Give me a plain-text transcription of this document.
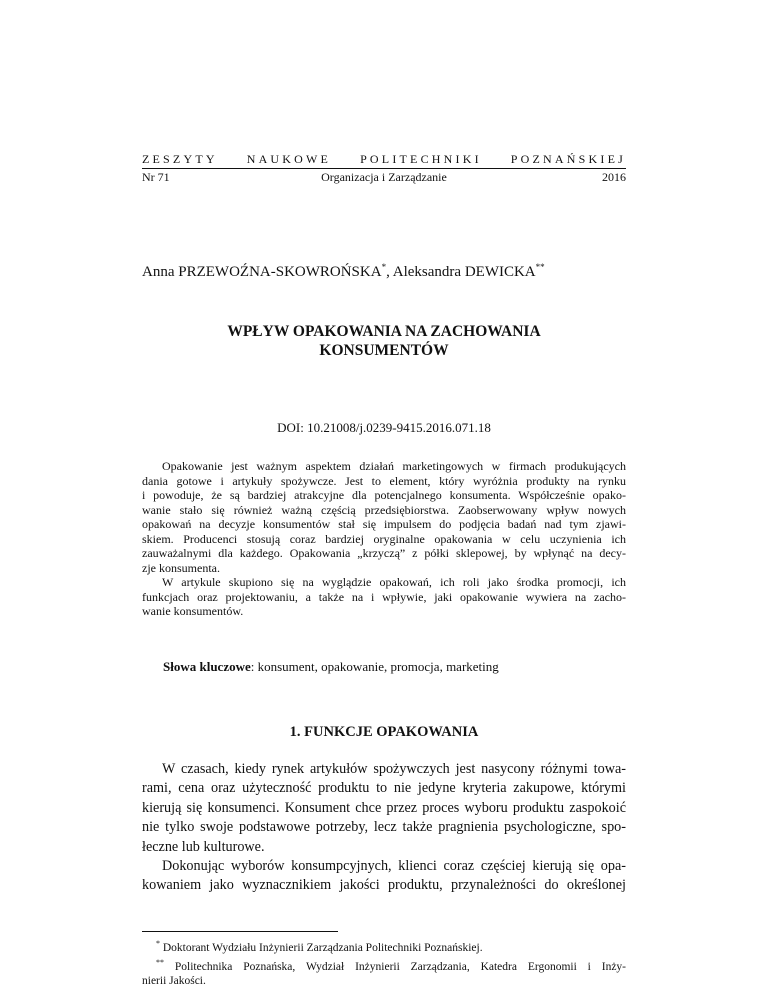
ZESZYTY NAUKOWE POLITECHNIKI POZNAŃSKIEJ
Nr 71	Organizacja i Zarządzanie	2016
Anna PRZEWOŹNA-SKOWROŃSKA*, Aleksandra DEWICKA**
WPŁYW OPAKOWANIA NA ZACHOWANIA
KONSUMENTÓW
DOI: 10.21008/j.0239-9415.2016.071.18
Opakowanie jest ważnym aspektem działań marketingowych w firmach produkujących
dania gotowe i artykuły spożywcze. Jest to element, który wyróżnia produkty na rynku
i powoduje, że są bardziej atrakcyjne dla potencjalnego konsumenta. Współcześnie opako-
wanie stało się również ważną częścią przedsiębiorstwa. Zaobserwowany wpływ nowych
opakowań na decyzje konsumentów stał się impulsem do podjęcia badań nad tym zjawi-
skiem. Producenci stosują coraz bardziej oryginalne opakowania w celu uczynienia ich
zauważalnymi dla każdego. Opakowania „krzyczą” z półki sklepowej, by wpłynąć na decy-
zje konsumenta.
W artykule skupiono się na wyglądzie opakowań, ich roli jako środka promocji, ich
funkcjach oraz projektowaniu, a także na i wpływie, jaki opakowanie wywiera na zacho-
wanie konsumentów.
Słowa kluczowe: konsument, opakowanie, promocja, marketing
1. FUNKCJE OPAKOWANIA
W czasach, kiedy rynek artykułów spożywczych jest nasycony różnymi towa-
rami, cena oraz użyteczność produktu to nie jedyne kryteria zakupowe, którymi
kierują się konsumenci. Konsument chce przez proces wyboru produktu zaspokoić
nie tylko swoje podstawowe potrzeby, lecz także pragnienia psychologiczne, spo-
łeczne lub kulturowe.
Dokonując wyborów konsumpcyjnych, klienci coraz częściej kierują się opa-
kowaniem jako wyznacznikiem jakości produktu, przynależności do określonej
* Doktorant Wydziału Inżynierii Zarządzania Politechniki Poznańskiej.
** Politechnika Poznańska, Wydział Inżynierii Zarządzania, Katedra Ergonomii i Inży-
nierii Jakości.
